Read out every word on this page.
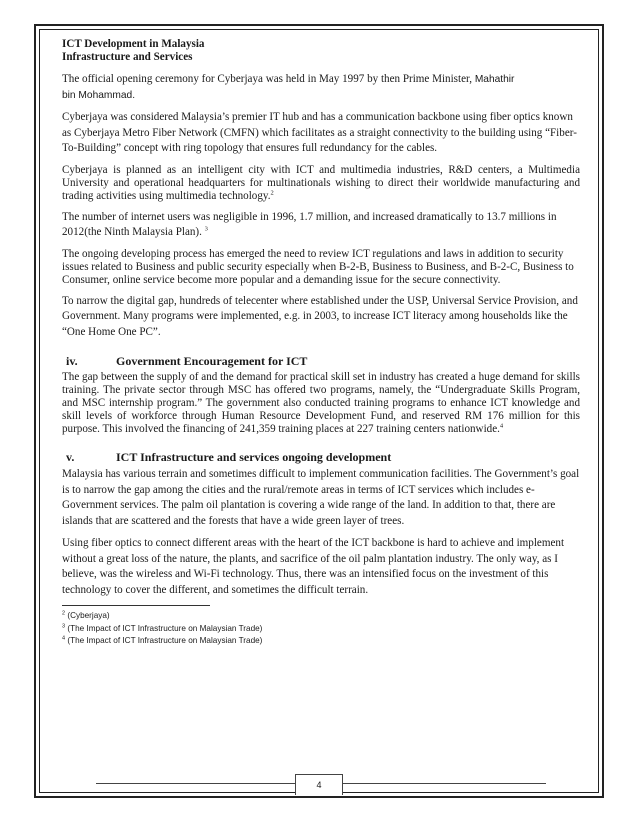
ICT Development in Malaysia
Infrastructure and Services

The official opening ceremony for Cyberjaya was held in May 1997 by then Prime Minister, Mahathir
bin Mohammad.

Cyberjaya was considered Malaysia’s premier IT hub and has a communication backbone using fiber optics known as Cyberjaya Metro Fiber Network (CMFN) which facilitates as a straight connectivity to the building using “Fiber-To-Building” concept with ring topology that ensures full redundancy for the cables.

Cyberjaya is planned as an intelligent city with ICT and multimedia industries, R&D centers, a Multimedia University and operational headquarters for multinationals wishing to direct their worldwide manufacturing and trading activities using multimedia technology.$^2$

The number of internet users was negligible in 1996, 1.7 million, and increased dramatically to 13.7 millions in 2012(the Ninth Malaysia Plan). $^3$

The ongoing developing process has emerged the need to review ICT regulations and laws in addition to security issues related to Business and public security especially when B-2-B, Business to Business, and B-2-C, Business to Consumer, online service become more popular and a demanding issue for the secure connectivity.

To narrow the digital gap, hundreds of telecenter where established under the USP, Universal Service Provision, and Government. Many programs were implemented, e.g. in 2003, to increase ICT literacy among households like the “One Home One PC”.

iv.	Government Encouragement for ICT

The gap between the supply of and the demand for practical skill set in industry has created a huge demand for skills training. The private sector through MSC has offered two programs, namely, the “Undergraduate Skills Program, and MSC internship program.” The government also conducted training programs to enhance ICT knowledge and skill levels of workforce through Human Resource Development Fund, and reserved RM 176 million for this purpose. This involved the financing of 241,359 training places at 227 training centers nationwide.$^4$

v.	ICT Infrastructure and services ongoing development

Malaysia has various terrain and sometimes difficult to implement communication facilities. The Government’s goal is to narrow the gap among the cities and the rural/remote areas in terms of ICT services which includes e-Government services. The palm oil plantation is covering a wide range of the land. In addition to that, there are islands that are scattered and the forests that have a wide green layer of trees.

Using fiber optics to connect different areas with the heart of the ICT backbone is hard to achieve and implement without a great loss of the nature, the plants, and sacrifice of the oil palm plantation industry. The only way, as I believe, was the wireless and Wi-Fi technology. Thus, there was an intensified focus on the investment of this technology to cover the different, and sometimes the difficult terrain.

$^2$ (Cyberjaya)
$^3$ (The Impact of ICT Infrastructure on Malaysian Trade)
$^4$ (The Impact of ICT Infrastructure on Malaysian Trade)
4
